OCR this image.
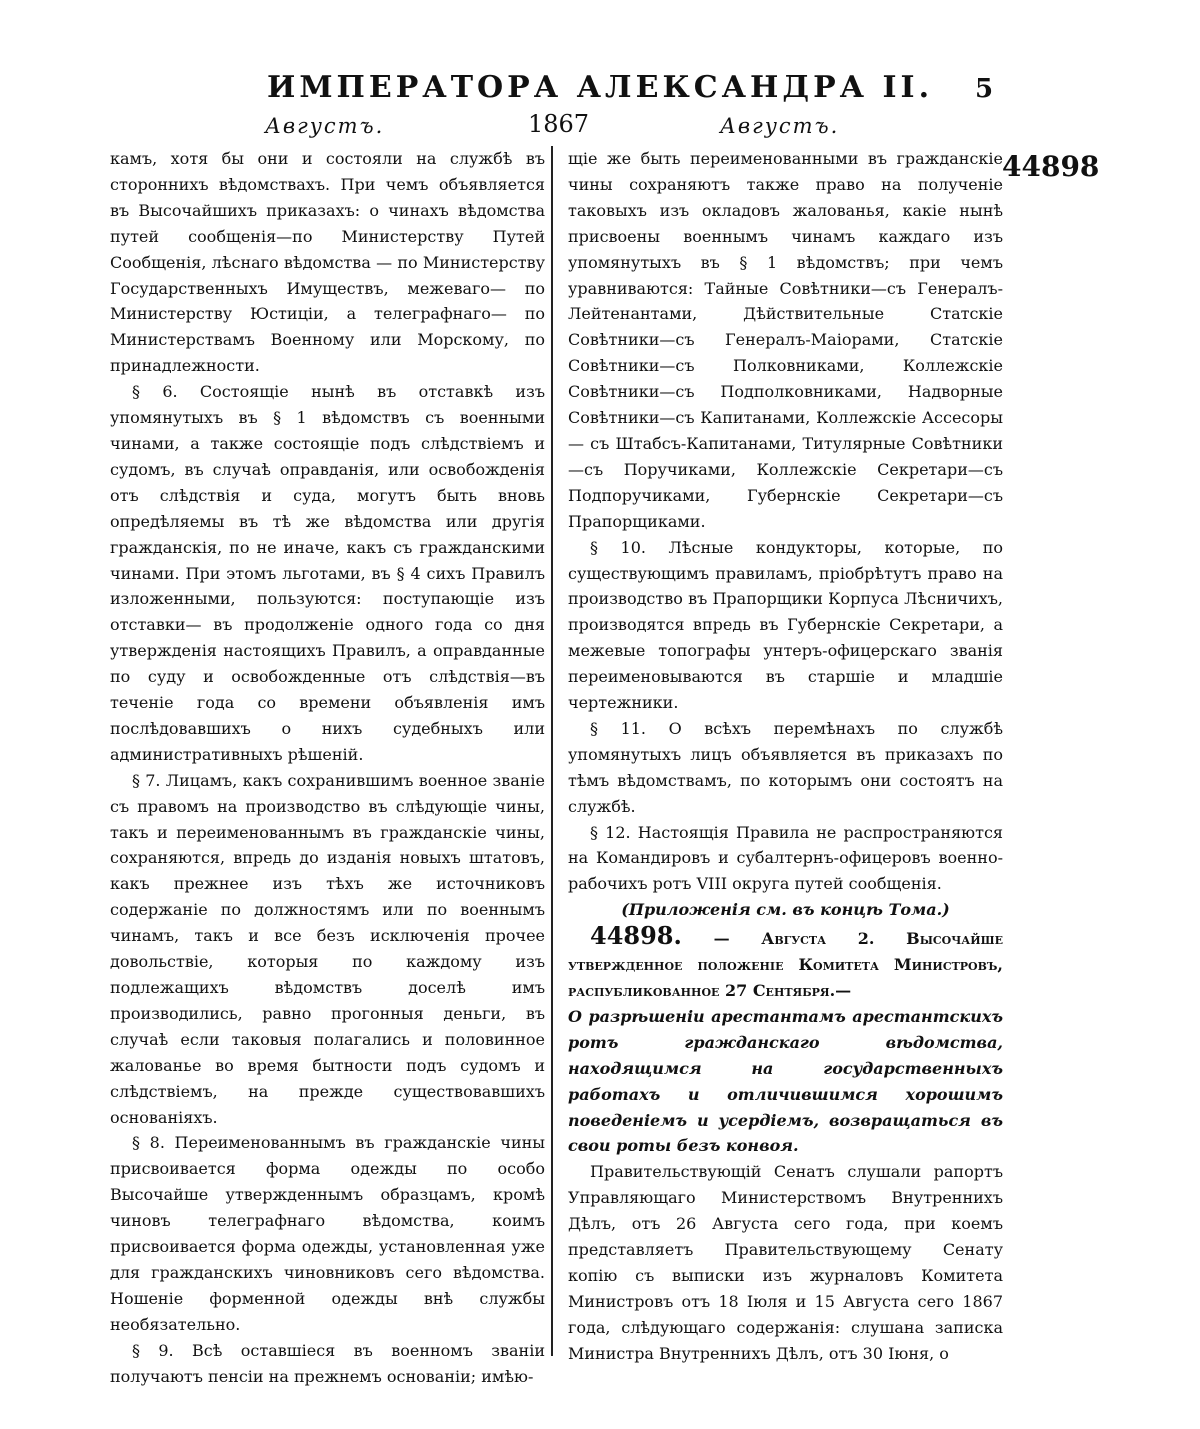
ИМПЕРАТОРА АЛЕКСАНДРА II.	5
Августъ.	1867	Августъ.
44898

камъ, хотя бы они и состояли на службѣ въ стороннихъ вѣдомствахъ. При чемъ объявляется въ Высочайшихъ приказахъ: о чинахъ вѣдомства путей сообщенія—по Министерству Путей Сообщенія, лѣснаго вѣдомства — по Министерству Государственныхъ Имуществъ, межеваго— по Министерству Юстиціи, а телеграфнаго— по Министерствамъ Военному или Морскому, по принадлежности.

§ 6. Состоящіе нынѣ въ отставкѣ изъ упомянутыхъ въ § 1 вѣдомствъ съ военными чинами, а также состоящіе подъ слѣдствіемъ и судомъ, въ случаѣ оправданія, или освобожденія отъ слѣдствія и суда, могутъ быть вновь опредѣляемы въ тѣ же вѣдомства или другія гражданскія, по не иначе, какъ съ гражданскими чинами. При этомъ льготами, въ § 4 сихъ Правилъ изложенными, пользуются: поступающіе изъ отставки— въ продолженіе одного года со дня утвержденія настоящихъ Правилъ, а оправданные по суду и освобожденные отъ слѣдствія—въ теченіе года со времени объявленія имъ послѣдовавшихъ о нихъ судебныхъ или административныхъ рѣшеній.

§ 7. Лицамъ, какъ сохранившимъ военное званіе съ правомъ на производство въ слѣдующіе чины, такъ и переименованнымъ въ гражданскіе чины, сохраняются, впредь до изданія новыхъ штатовъ, какъ прежнее изъ тѣхъ же источниковъ содержаніе по должностямъ или по военнымъ чинамъ, такъ и все безъ исключенія прочее довольствіе, которыя по каждому изъ подлежащихъ вѣдомствъ доселѣ имъ производились, равно прогонныя деньги, въ случаѣ если таковыя полагались и половинное жалованье во время бытности подъ судомъ и слѣдствіемъ, на прежде существовавшихъ основаніяхъ.

§ 8. Переименованнымъ въ гражданскіе чины присвоивается форма одежды по особо Высочайше утвержденнымъ образцамъ, кромѣ чиновъ телеграфнаго вѣдомства, коимъ присвоивается форма одежды, установленная уже для гражданскихъ чиновниковъ сего вѣдомства. Ношеніе форменной одежды внѣ службы необязательно.

§ 9. Всѣ оставшіеся въ военномъ званіи получаютъ пенсіи на прежнемъ основаніи; имѣю-

щіе же быть переименованными въ гражданскіе чины сохраняютъ также право на полученіе таковыхъ изъ окладовъ жалованья, какіе нынѣ присвоены военнымъ чинамъ каждаго изъ упомянутыхъ въ § 1 вѣдомствъ; при чемъ уравниваются: Тайные Совѣтники—съ Генералъ-Лейтенантами, Дѣйствительные Статскіе Совѣтники—съ Генералъ-Маіорами, Статскіе Совѣтники—съ Полковниками, Коллежскіе Совѣтники—съ Подполковниками, Надворные Совѣтники—съ Капитанами, Коллежскіе Ассесоры — съ Штабсъ-Капитанами, Титулярные Совѣтники—съ Поручиками, Коллежскіе Секретари—съ Подпоручиками, Губернскіе Секретари—съ Прапорщиками.

§ 10. Лѣсные кондукторы, которые, по существующимъ правиламъ, пріобрѣтутъ право на производство въ Прапорщики Корпуса Лѣсничихъ, производятся впредь въ Губернскіе Секретари, а межевые топографы унтеръ-офицерскаго званія переименовываются въ старшіе и младшіе чертежники.

§ 11. О всѣхъ перемѣнахъ по службѣ упомянутыхъ лицъ объявляется въ приказахъ по тѣмъ вѣдомствамъ, по которымъ они состоятъ на службѣ.

§ 12. Настоящія Правила не распространяются на Командировъ и субалтернъ-офицеровъ военно-рабочихъ ротъ VIII округа путей сообщенія.

(Приложенія см. въ концѣ Тома.)

44898. — Августа 2. Высочайше утвержденное положеніе Комитета Министровъ, распубликованное 27 Сентября.—

О разрѣшеніи арестантамъ арестантскихъ ротъ гражданскаго вѣдомства, находящимся на государственныхъ работахъ и отличившимся хорошимъ поведеніемъ и усердіемъ, возвращаться въ свои роты безъ конвоя.

Правительствующій Сенатъ слушали рапортъ Управляющаго Министерствомъ Внутреннихъ Дѣлъ, отъ 26 Августа сего года, при коемъ представляетъ Правительствующему Сенату копію съ выписки изъ журналовъ Комитета Министровъ отъ 18 Іюля и 15 Августа сего 1867 года, слѣдующаго содержанія: слушана записка Министра Внутреннихъ Дѣлъ, отъ 30 Іюня, о
